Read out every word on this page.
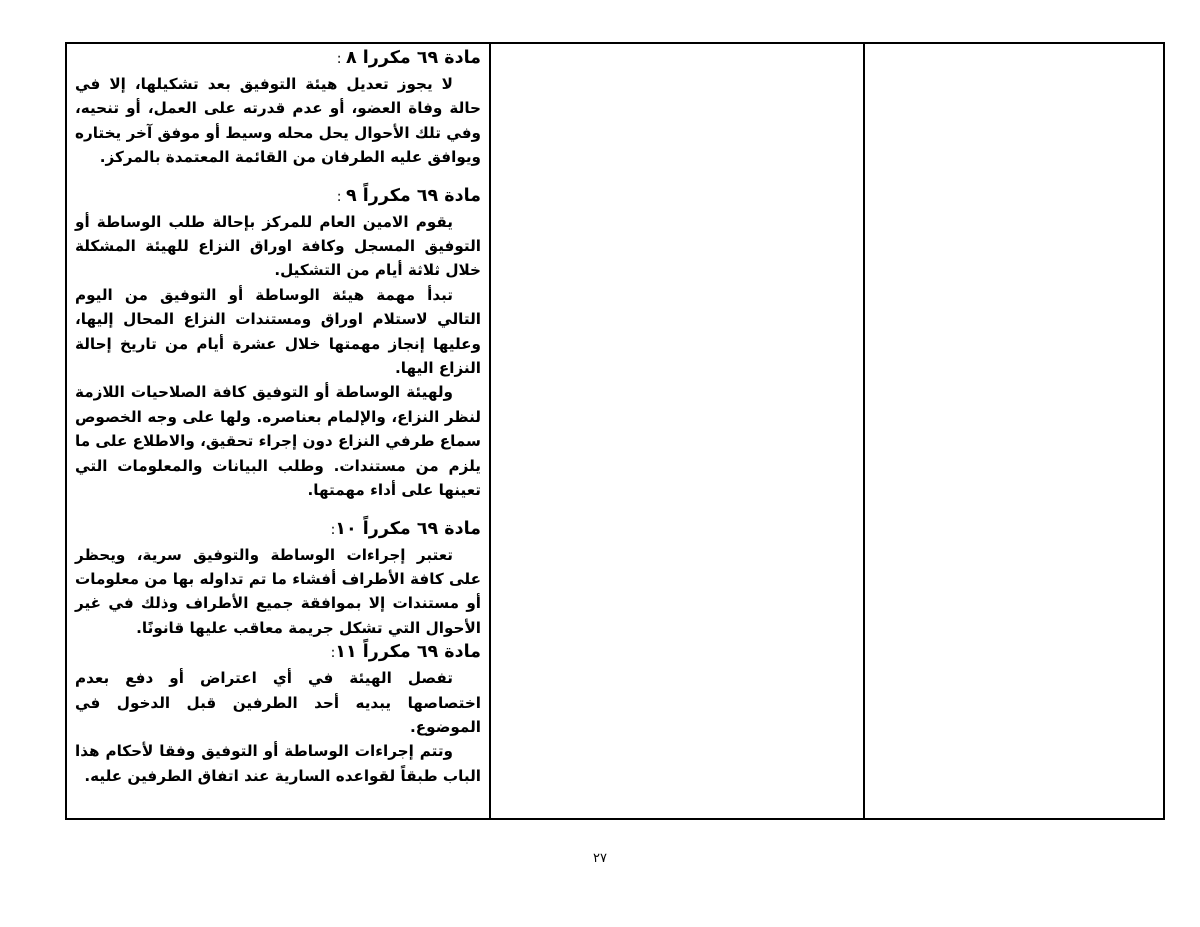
مادة ٦٩ مكررا ٨ :

لا يجوز تعديل هيئة التوفيق بعد تشكيلها، إلا في حالة وفاة العضو، أو عدم قدرته على العمل، أو تنحيه، وفي تلك الأحوال يحل محله وسيط أو موفق آخر يختاره ويوافق عليه الطرفان من القائمة المعتمدة بالمركز.

مادة ٦٩ مكرراً ٩ :

يقوم الامين العام للمركز بإحالة طلب الوساطة أو التوفيق المسجل وكافة اوراق النزاع للهيئة المشكلة خلال ثلاثة أيام من التشكيل.

تبدأ مهمة هيئة الوساطة أو التوفيق من اليوم التالي لاستلام اوراق ومستندات النزاع المحال إليها، وعليها إنجاز مهمتها خلال عشرة أيام من تاريخ إحالة النزاع اليها.

ولهيئة الوساطة أو التوفيق كافة الصلاحيات اللازمة لنظر النزاع، والإلمام بعناصره. ولها على وجه الخصوص سماع طرفي النزاع دون إجراء تحقيق، والاطلاع على ما يلزم من مستندات. وطلب البيانات والمعلومات التي تعينها على أداء مهمتها.

مادة ٦٩ مكرراً ١٠:

تعتبر إجراءات الوساطة والتوفيق سرية، ويحظر على كافة الأطراف أفشاء ما تم تداوله بها من معلومات أو مستندات إلا بموافقة جميع الأطراف وذلك في غير الأحوال التي تشكل جريمة معاقب عليها قانونًا.

مادة ٦٩ مكرراً ١١:

تفصل الهيئة في أي اعتراض أو دفع بعدم اختصاصها يبديه أحد الطرفين قبل الدخول في الموضوع.

وتتم إجراءات الوساطة أو التوفيق وفقا لأحكام هذا الباب طبقاً لقواعده السارية عند اتفاق الطرفين عليه.

٢٧
